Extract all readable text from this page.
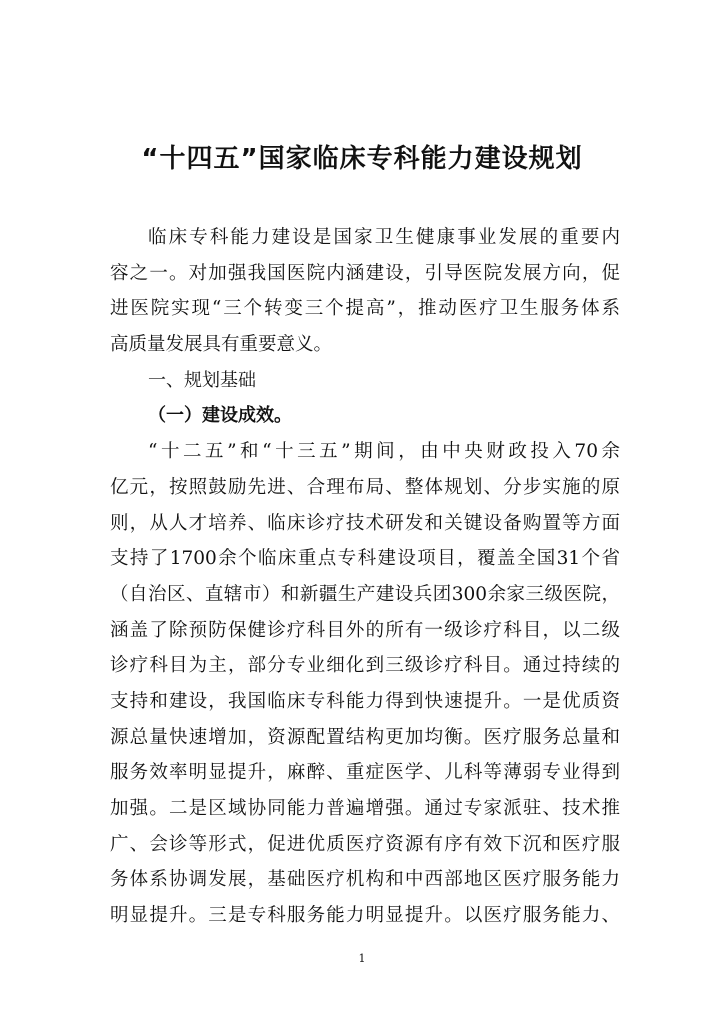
“十四五”国家临床专科能力建设规划
临床专科能力建设是国家卫生健康事业发展的重要内
容之一。对加强我国医院内涵建设，引导医院发展方向，促
进医院实现“三个转变三个提高”，推动医疗卫生服务体系
高质量发展具有重要意义。
一、规划基础
（一）建设成效。
“十二五”和“十三五”期间，由中央财政投入70余
亿元，按照鼓励先进、合理布局、整体规划、分步实施的原
则，从人才培养、临床诊疗技术研发和关键设备购置等方面
支持了1700余个临床重点专科建设项目，覆盖全国31个省
（自治区、直辖市）和新疆生产建设兵团300余家三级医院，
涵盖了除预防保健诊疗科目外的所有一级诊疗科目，以二级
诊疗科目为主，部分专业细化到三级诊疗科目。通过持续的
支持和建设，我国临床专科能力得到快速提升。一是优质资
源总量快速增加，资源配置结构更加均衡。医疗服务总量和
服务效率明显提升，麻醉、重症医学、儿科等薄弱专业得到
加强。二是区域协同能力普遍增强。通过专家派驻、技术推
广、会诊等形式，促进优质医疗资源有序有效下沉和医疗服
务体系协调发展，基础医疗机构和中西部地区医疗服务能力
明显提升。三是专科服务能力明显提升。以医疗服务能力、
1
